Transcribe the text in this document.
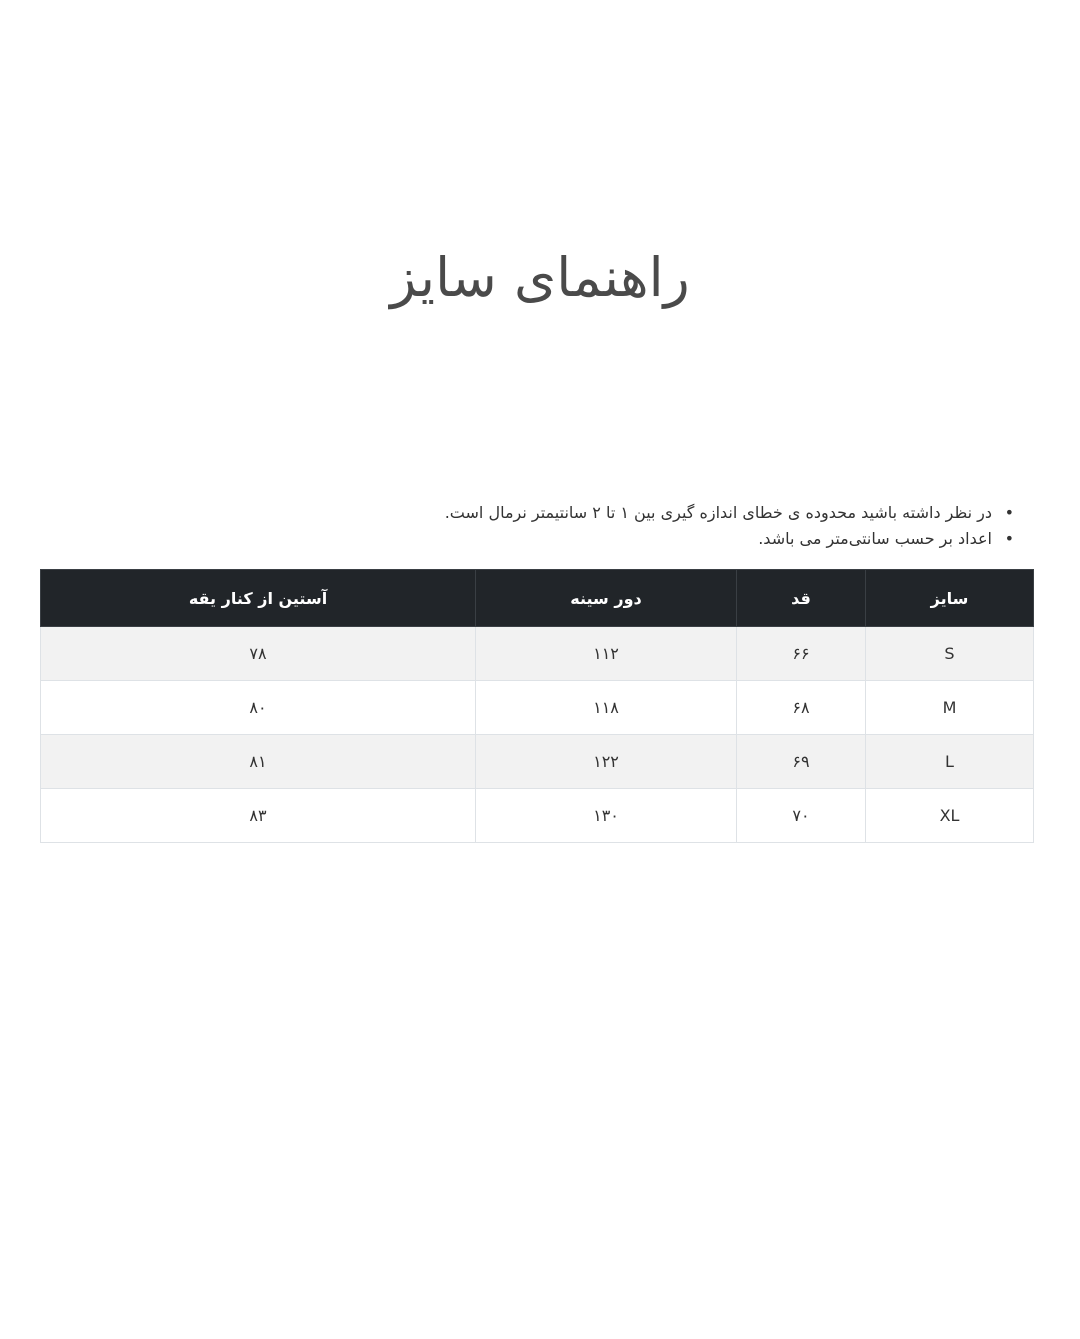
راهنمای سایز
در نظر داشته باشید محدوده ی خطای اندازه گیری بین ۱ تا ۲ سانتیمتر نرمال است. •
اعداد بر حسب سانتی‌متر می باشد. •
سایز	قد	دور سینه	آستین از کنار یقه
S	۶۶	۱۱۲	۷۸
M	۶۸	۱۱۸	۸۰
L	۶۹	۱۲۲	۸۱
XL	۷۰	۱۳۰	۸۳
